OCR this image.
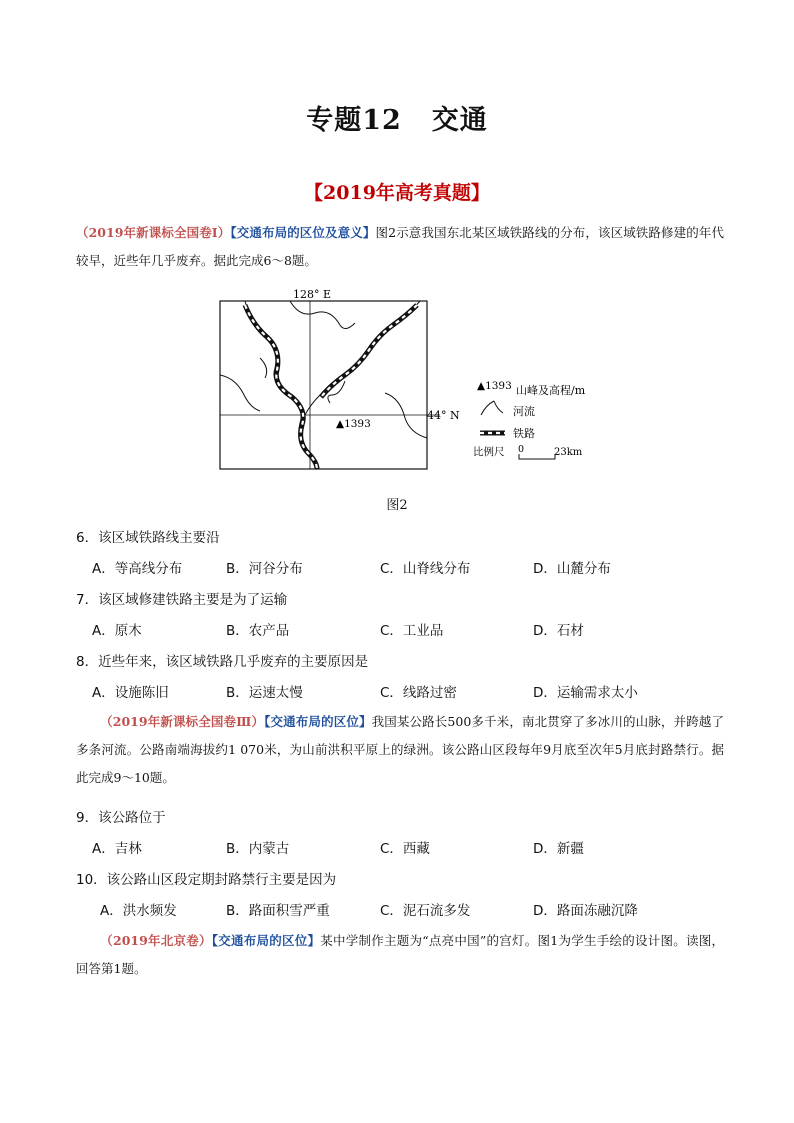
专题12 交通
【2019年高考真题】

（2019年新课标全国卷Ⅰ）【交通布局的区位及意义】图2示意我国东北某区域铁路线的分布，该区域铁路修建的年代较早，近些年几乎废弃。据此完成6～8题。

128° E
44° N
▲1393
▲1393 山峰及高程/m
河流
铁路
比例尺 0	23km

图2

6．该区域铁路线主要沿

A．等高线分布	B．河谷分布	C．山脊线分布	D．山麓分布

7．该区域修建铁路主要是为了运输

A．原木	B．农产品	C．工业品	D．石材

8．近些年来，该区域铁路几乎废弃的主要原因是

A．设施陈旧	B．运速太慢	C．线路过密	D．运输需求太小

（2019年新课标全国卷Ⅲ）【交通布局的区位】我国某公路长500多千米，南北贯穿了多冰川的山脉，并跨越了多条河流。公路南端海拔约1 070米，为山前洪积平原上的绿洲。该公路山区段每年9月底至次年5月底封路禁行。据此完成9～10题。

9．该公路位于

A．吉林	B．内蒙古	C．西藏	D．新疆

10．该公路山区段定期封路禁行主要是因为

A．洪水频发	B．路面积雪严重	C．泥石流多发	D．路面冻融沉降

（2019年北京卷）【交通布局的区位】某中学制作主题为“点亮中国”的宫灯。图1为学生手绘的设计图。读图，回答第1题。
